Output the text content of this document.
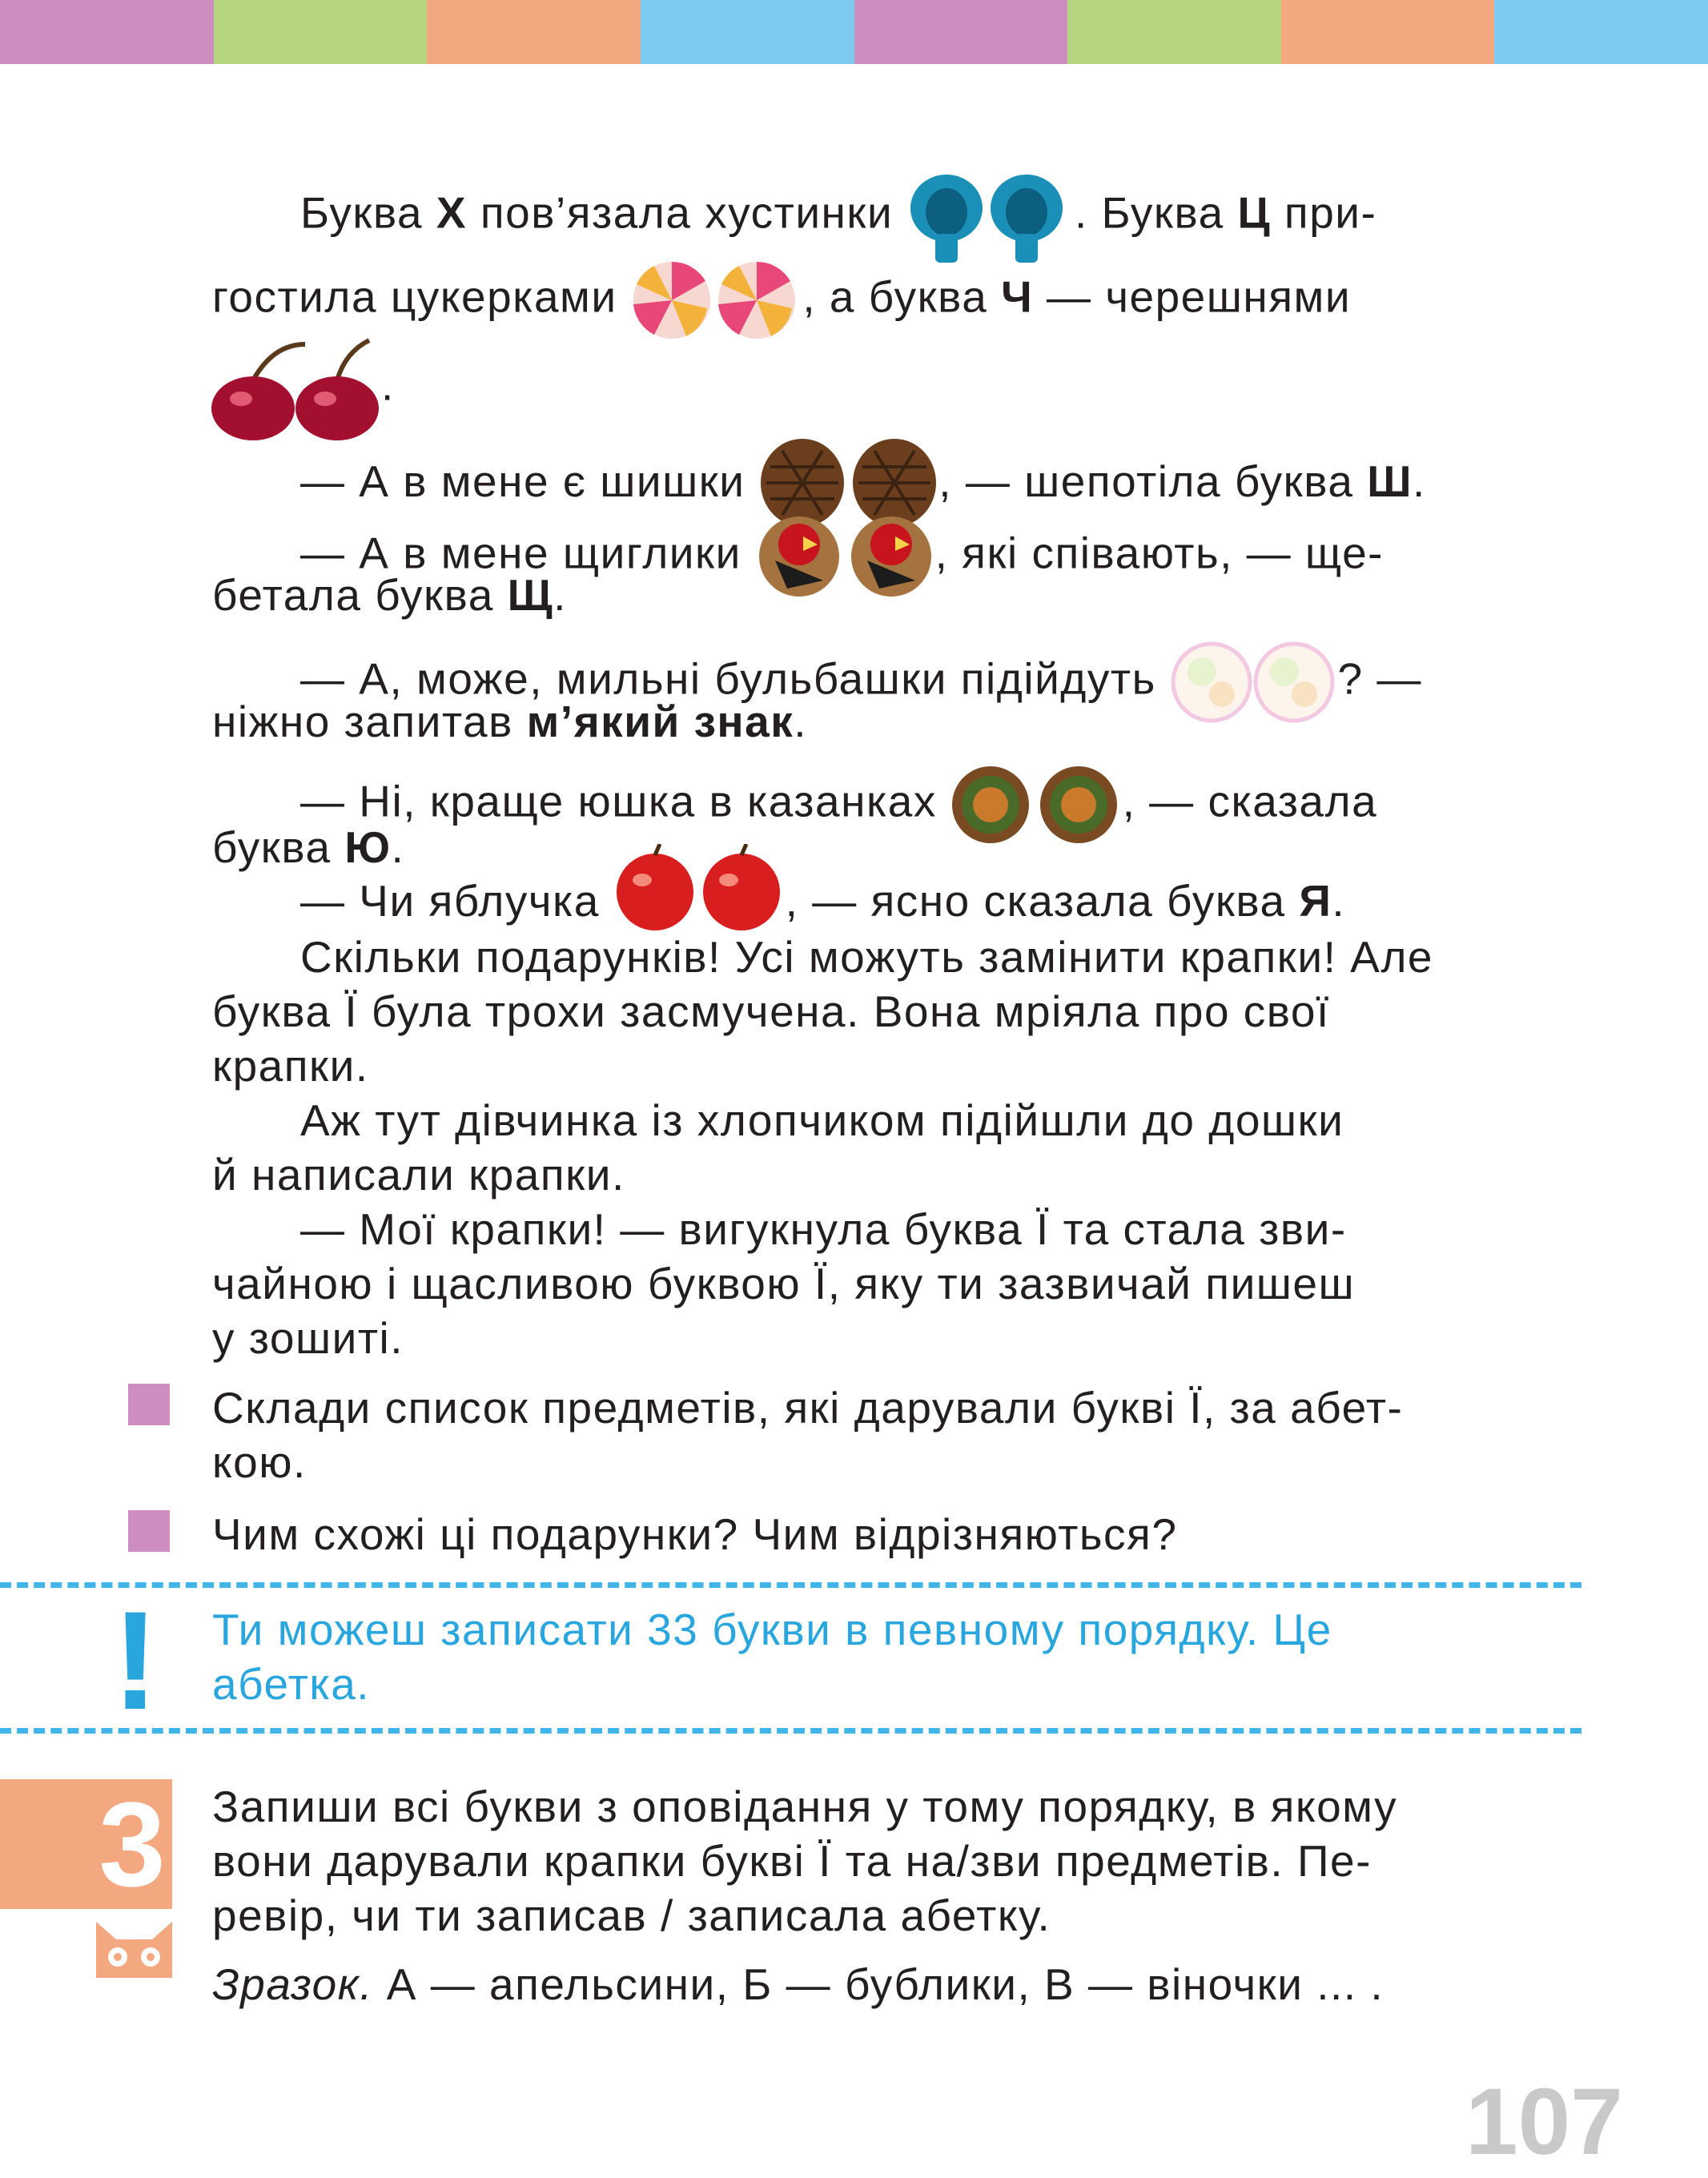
Буква Х пов’язала хустинки	. Буква Ц при-
гостила цукерками	, а буква Ч — черешнями
.
— А в мене є шишки	, — шепотіла буква Ш.
— А в мене щиглики	, які співають, — ще-
бетала буква Щ.
— А, може, мильні бульбашки підійдуть	? —
ніжно запитав м’який знак.
— Ні, краще юшка в казанках	, — сказала
буква Ю.
— Чи яблучка	, — ясно сказала буква Я.
Скільки подарунків! Усі можуть замінити крапки! Але
буква Ї була трохи засмучена. Вона мріяла про свої
крапки.
Аж тут дівчинка із хлопчиком підійшли до дошки
й написали крапки.
— Мої крапки! — вигукнула буква Ї та стала зви-
чайною і щасливою буквою Ї, яку ти зазвичай пишеш
у зошиті.
Склади список предметів, які дарували букві Ї, за абет-
кою.
Чим схожі ці подарунки? Чим відрізняються?
! Ти можеш записати 33 букви в певному порядку. Це
абетка.
3 Запиши всі букви з оповідання у тому порядку, в якому
вони дарували крапки букві Ї та на/зви предметів. Пе-
ревір, чи ти записав / записала абетку.
Зразок. А — апельсини, Б — бублики, В — віночки ... .
107
